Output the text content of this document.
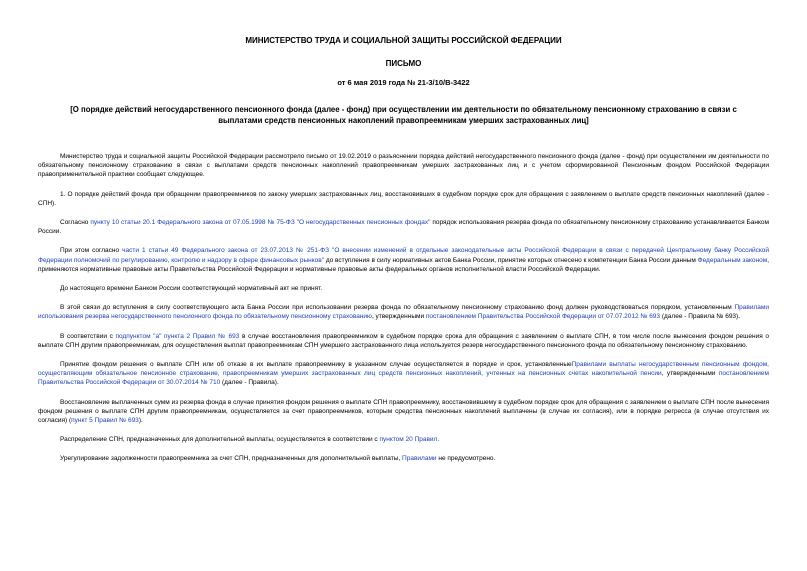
МИНИСТЕРСТВО ТРУДА И СОЦИАЛЬНОЙ ЗАЩИТЫ РОССИЙСКОЙ ФЕДЕРАЦИИ
ПИСЬМО
от 6 мая 2019 года № 21-3/10/В-3422
[О порядке действий негосударственного пенсионного фонда (далее - фонд) при осуществлении им деятельности по обязательному пенсионному страхованию в связи с выплатами средств пенсионных накоплений правопреемникам умерших застрахованных лиц]

Министерство труда и социальной защиты Российской Федерации рассмотрело письмо от 19.02.2019 о разъяснении порядка действий негосударственного пенсионного фонда (далее - фонд) при осуществлении им деятельности по обязательному пенсионному страхованию в связи с выплатами средств пенсионных накоплений правопреемникам умерших застрахованных лиц и с учетом сформированной Пенсионным фондом Российской Федерации правоприменительной практики сообщает следующее.

1. О порядке действий фонда при обращении правопреемников по закону умерших застрахованных лиц, восстановивших в судебном порядке срок для обращения с заявлением о выплате средств пенсионных накоплений (далее - СПН).

Согласно пункту 10 статьи 20.1 Федерального закона от 07.05.1998 № 75-ФЗ "О негосударственных пенсионных фондах" порядок использования резерва фонда по обязательному пенсионному страхованию устанавливается Банком России.

При этом согласно части 1 статьи 49 Федерального закона от 23.07.2013 № 251-ФЗ "О внесении изменений в отдельные законодательные акты Российской Федерации в связи с передачей Центральному банку Российской Федерации полномочий по регулированию, контролю и надзору в сфере финансовых рынков" до вступления в силу нормативных актов Банка России, принятие которых отнесено к компетенции Банка России данным Федеральным законом, применяются нормативные правовые акты Правительства Российской Федерации и нормативные правовые акты федеральных органов исполнительной власти Российской Федерации.

До настоящего времени Банком России соответствующий нормативный акт не принят.

В этой связи до вступления в силу соответствующего акта Банка России при использовании резерва фонда по обязательному пенсионному страхованию фонд должен руководствоваться порядком, установленным Правилами использования резерва негосударственного пенсионного фонда по обязательному пенсионному страхованию, утвержденными постановлением Правительства Российской Федерации от 07.07.2012 № 693 (далее - Правила № 693).

В соответствии с подпунктом "а" пункта 2 Правил № 693 в случае восстановления правопреемником в судебном порядке срока для обращения с заявлением о выплате СПН, в том числе после вынесения фондом решения о выплате СПН другим правопреемникам, для осуществления выплат правопреемникам СПН умершего застрахованного лица используется резерв негосударственного пенсионного фонда по обязательному пенсионному страхованию.

Принятие фондом решения о выплате СПН или об отказе в их выплате правопреемнику в указанном случае осуществляется в порядке и срок, установленныеПравилами выплаты негосударственным пенсионным фондом, осуществляющим обязательное пенсионное страхование, правопреемникам умерших застрахованных лиц средств пенсионных накоплений, учтенных на пенсионных счетах накопительной пенсии, утвержденными постановлением Правительства Российской Федерации от 30.07.2014 № 710 (далее - Правила).

Восстановление выплаченных сумм из резерва фонда в случае принятия фондом решения о выплате СПН правопреемнику, восстановившему в судебном порядке срок для обращения с заявлением о выплате СПН после вынесения фондом решения о выплате СПН другим правопреемникам, осуществляется за счет правопреемников, которым средства пенсионных накоплений выплачены (в случае их согласия), или в порядке регресса (в случае отсутствия их согласия) (пункт 5 Правил № 693).

Распределение СПН, предназначенных для дополнительной выплаты, осуществляется в соответствии с пунктом 20 Правил.

Урегулирование задолженности правопреемника за счет СПН, предназначенных для дополнительной выплаты, Правилами не предусмотрено.
